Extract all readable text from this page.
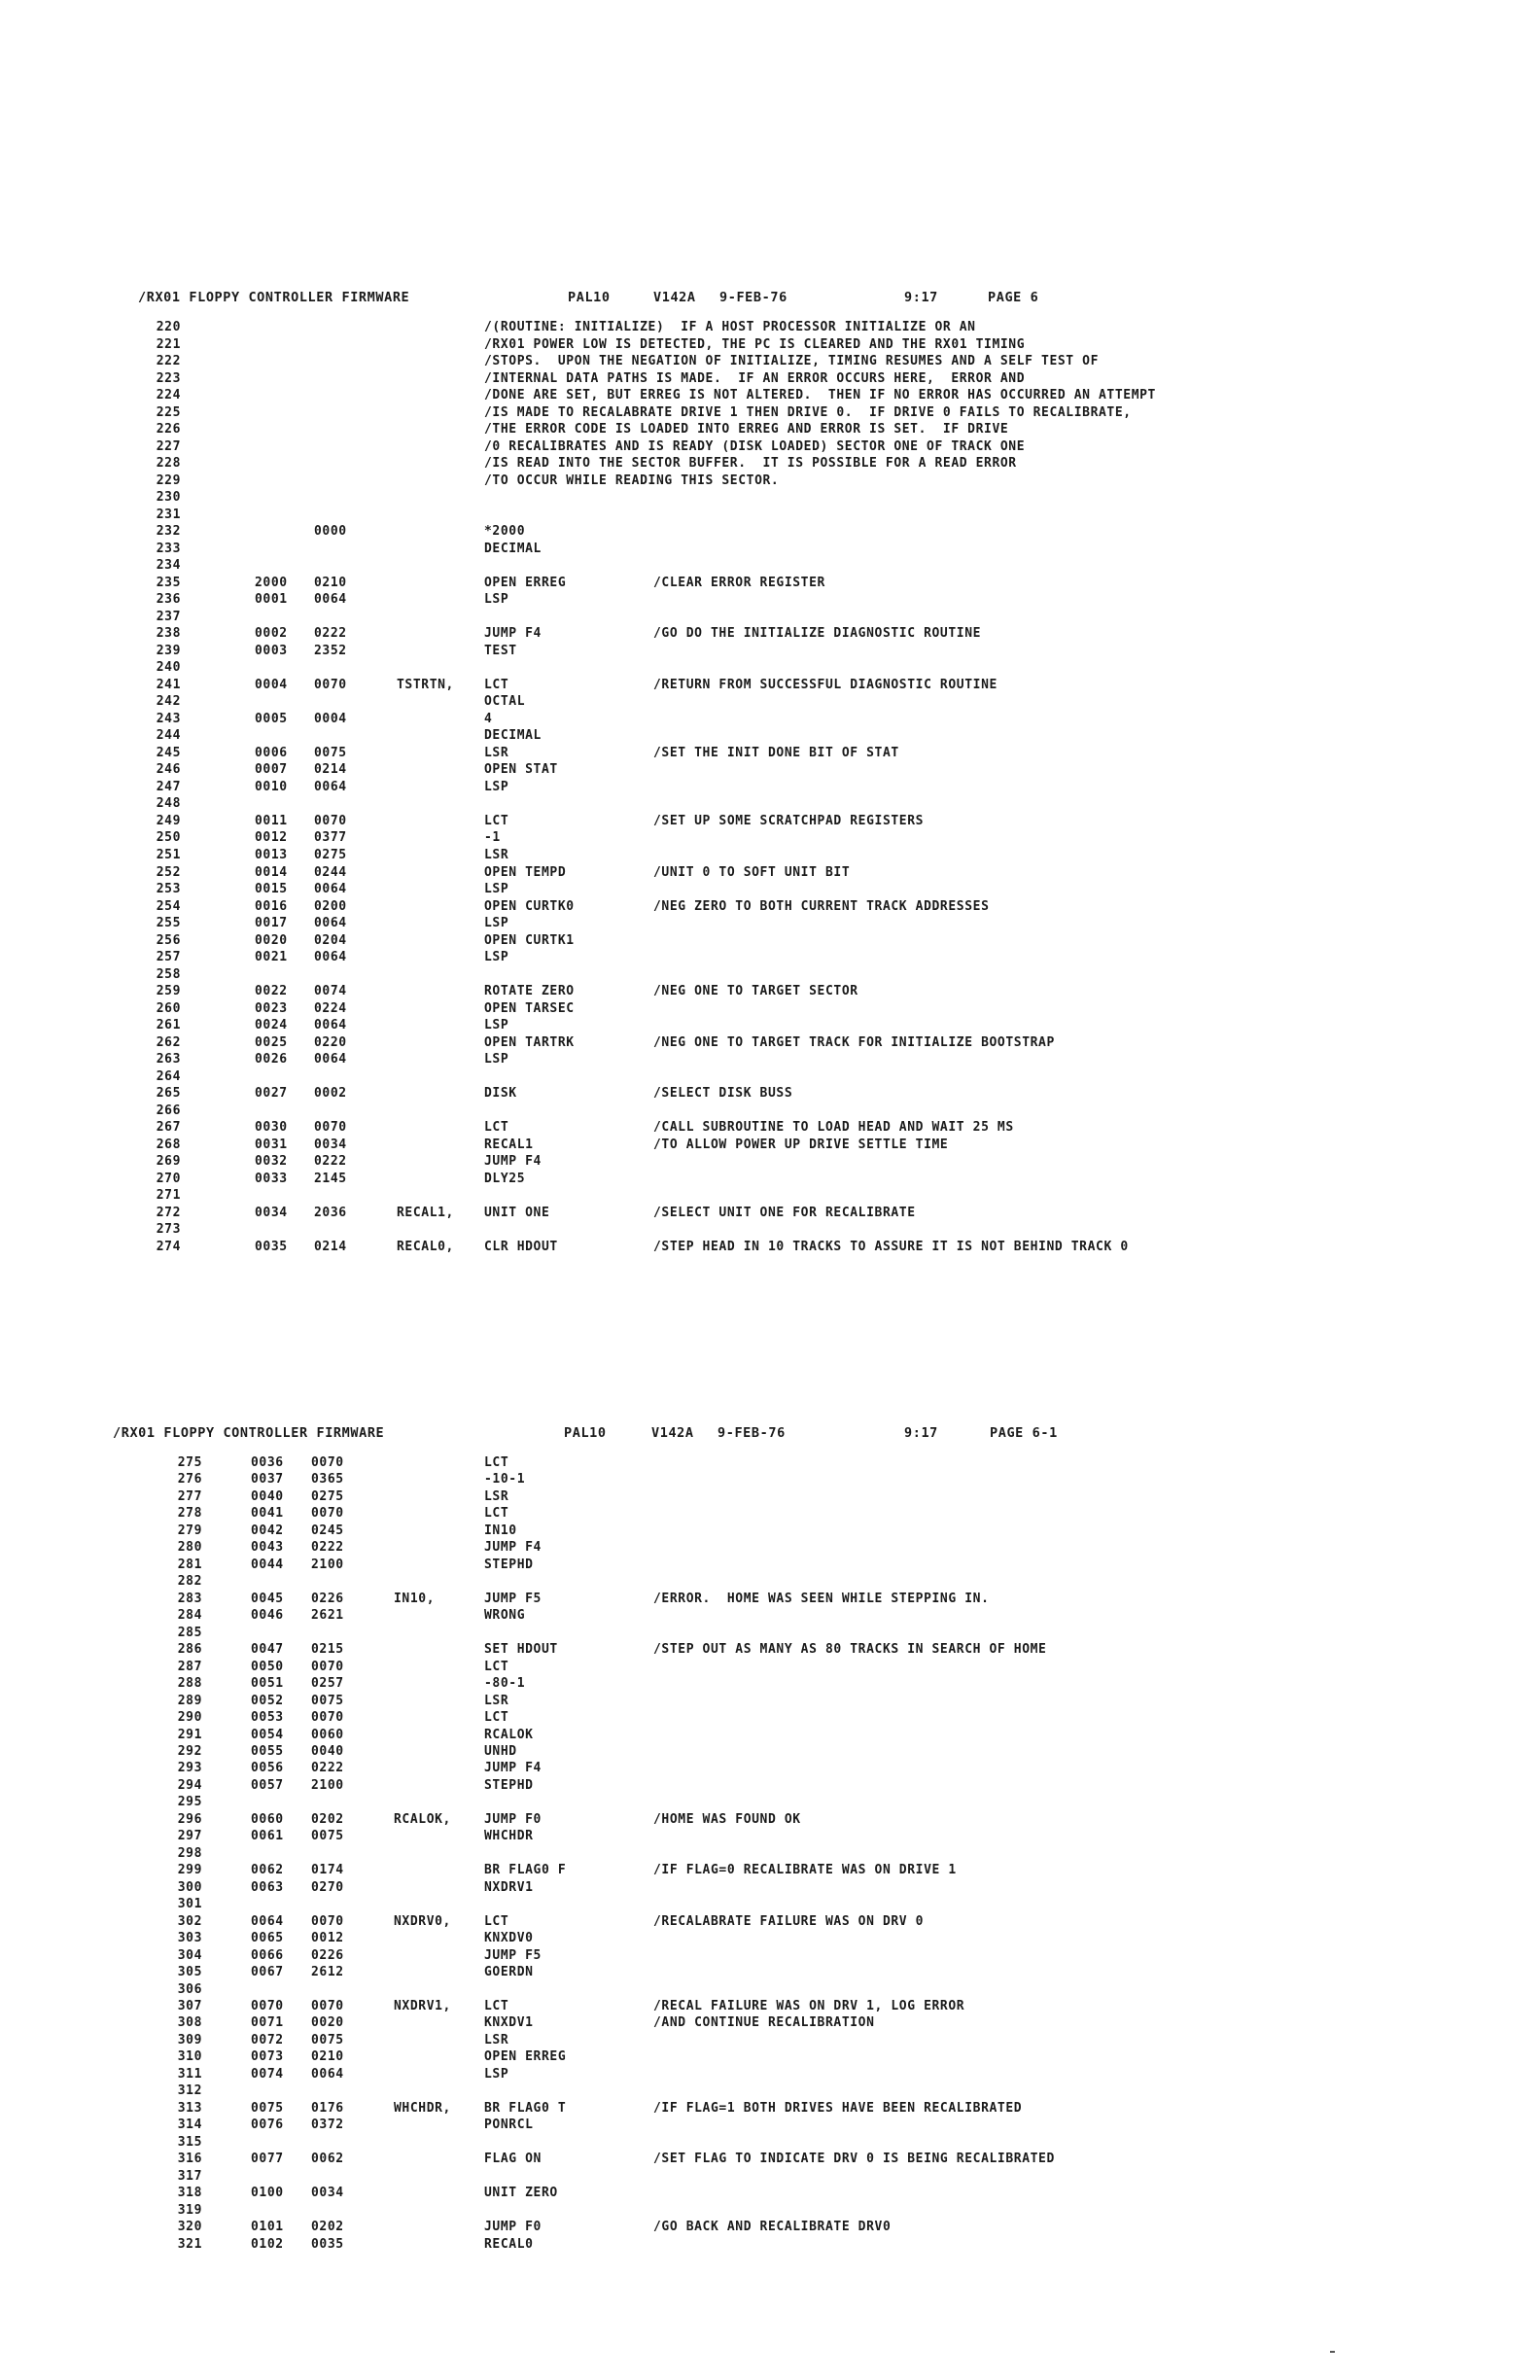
/RX01 FLOPPY CONTROLLER FIRMWARE

	PAL10

	V142A

9-FEB-76

	9:17

	PAGE 6

220	/(ROUTINE: INITIALIZE)  IF A HOST PROCESSOR INITIALIZE OR AN
221	/RX01 POWER LOW IS DETECTED, THE PC IS CLEARED AND THE RX01 TIMING
222	/STOPS.  UPON THE NEGATION OF INITIALIZE, TIMING RESUMES AND A SELF TEST OF
223	/INTERNAL DATA PATHS IS MADE.  IF AN ERROR OCCURS HERE,  ERROR AND
224	/DONE ARE SET, BUT ERREG IS NOT ALTERED.  THEN IF NO ERROR HAS OCCURRED AN ATTEMPT
225	/IS MADE TO RECALABRATE DRIVE 1 THEN DRIVE 0.  IF DRIVE 0 FAILS TO RECALIBRATE,
226	/THE ERROR CODE IS LOADED INTO ERREG AND ERROR IS SET.  IF DRIVE
227	/0 RECALIBRATES AND IS READY (DISK LOADED) SECTOR ONE OF TRACK ONE
228	/IS READ INTO THE SECTOR BUFFER.  IT IS POSSIBLE FOR A READ ERROR
229	/TO OCCUR WHILE READING THIS SECTOR.
230
231
232	0000	*2000
233	DECIMAL
234
235	2000 0210	OPEN ERREG	/CLEAR ERROR REGISTER
236	0001 0064	LSP
237
238	0002 0222	JUMP F4	/GO DO THE INITIALIZE DIAGNOSTIC ROUTINE
239	0003 2352	TEST
240
241	0004 0070	TSTRTN, LCT	/RETURN FROM SUCCESSFUL DIAGNOSTIC ROUTINE
242	OCTAL
243	0005 0004	4
244	DECIMAL
245	0006 0075	LSR	/SET THE INIT DONE BIT OF STAT
246	0007 0214	OPEN STAT
247	0010 0064	LSP
248
249	0011 0070	LCT	/SET UP SOME SCRATCHPAD REGISTERS
250	0012 0377	-1
251	0013 0275	LSR
252	0014 0244	OPEN TEMPD	/UNIT 0 TO SOFT UNIT BIT
253	0015 0064	LSP
254	0016 0200	OPEN CURTK0	/NEG ZERO TO BOTH CURRENT TRACK ADDRESSES
255	0017 0064	LSP
256	0020 0204	OPEN CURTK1
257	0021 0064	LSP
258
259	0022 0074	ROTATE ZERO	/NEG ONE TO TARGET SECTOR
260	0023 0224	OPEN TARSEC
261	0024 0064	LSP
262	0025 0220	OPEN TARTRK	/NEG ONE TO TARGET TRACK FOR INITIALIZE BOOTSTRAP
263	0026 0064	LSP
264
265	0027 0002	DISK	/SELECT DISK BUSS
266
267	0030 0070	LCT	/CALL SUBROUTINE TO LOAD HEAD AND WAIT 25 MS
268	0031 0034	RECAL1	/TO ALLOW POWER UP DRIVE SETTLE TIME
269	0032 0222	JUMP F4
270	0033 2145	DLY25
271
272	0034 2036	RECAL1, UNIT ONE	/SELECT UNIT ONE FOR RECALIBRATE
273
274	0035 0214	RECAL0, CLR HDOUT	/STEP HEAD IN 10 TRACKS TO ASSURE IT IS NOT BEHIND TRACK 0

/RX01 FLOPPY CONTROLLER FIRMWARE

	PAL10

	V142A

9-FEB-76

	9:17

	PAGE 6-1

275	0036 0070	LCT
276	0037 0365	-10-1
277	0040 0275	LSR
278	0041 0070	LCT
279	0042 0245	IN10
280	0043 0222	JUMP F4
281	0044 2100	STEPHD
282
283	0045 0226	IN10,	JUMP F5	/ERROR.  HOME WAS SEEN WHILE STEPPING IN.
284	0046 2621	WRONG
285
286	0047 0215	SET HDOUT	/STEP OUT AS MANY AS 80 TRACKS IN SEARCH OF HOME
287	0050 0070	LCT
288	0051 0257	-80-1
289	0052 0075	LSR
290	0053 0070	LCT
291	0054 0060	RCALOK
292	0055 0040	UNHD
293	0056 0222	JUMP F4
294	0057 2100	STEPHD
295
296	0060 0202	RCALOK,	JUMP F0	/HOME WAS FOUND OK
297	0061 0075	WHCHDR
298
299	0062 0174	BR FLAG0 F	/IF FLAG=0 RECALIBRATE WAS ON DRIVE 1
300	0063 0270	NXDRV1
301
302	0064 0070	NXDRV0,	LCT	/RECALABRATE FAILURE WAS ON DRV 0
303	0065 0012	KNXDV0
304	0066 0226	JUMP F5
305	0067 2612	GOERDN
306
307	0070 0070	NXDRV1,	LCT	/RECAL FAILURE WAS ON DRV 1, LOG ERROR
308	0071 0020	KNXDV1	/AND CONTINUE RECALIBRATION
309	0072 0075	LSR
310	0073 0210	OPEN ERREG
311	0074 0064	LSP
312
313	0075 0176	WHCHDR,	BR FLAG0 T	/IF FLAG=1 BOTH DRIVES HAVE BEEN RECALIBRATED
314	0076 0372	PONRCL
315
316	0077 0062	FLAG ON	/SET FLAG TO INDICATE DRV 0 IS BEING RECALIBRATED
317
318	0100 0034	UNIT ZERO
319
320	0101 0202	JUMP F0	/GO BACK AND RECALIBRATE DRV0
321	0102 0035	RECAL0
